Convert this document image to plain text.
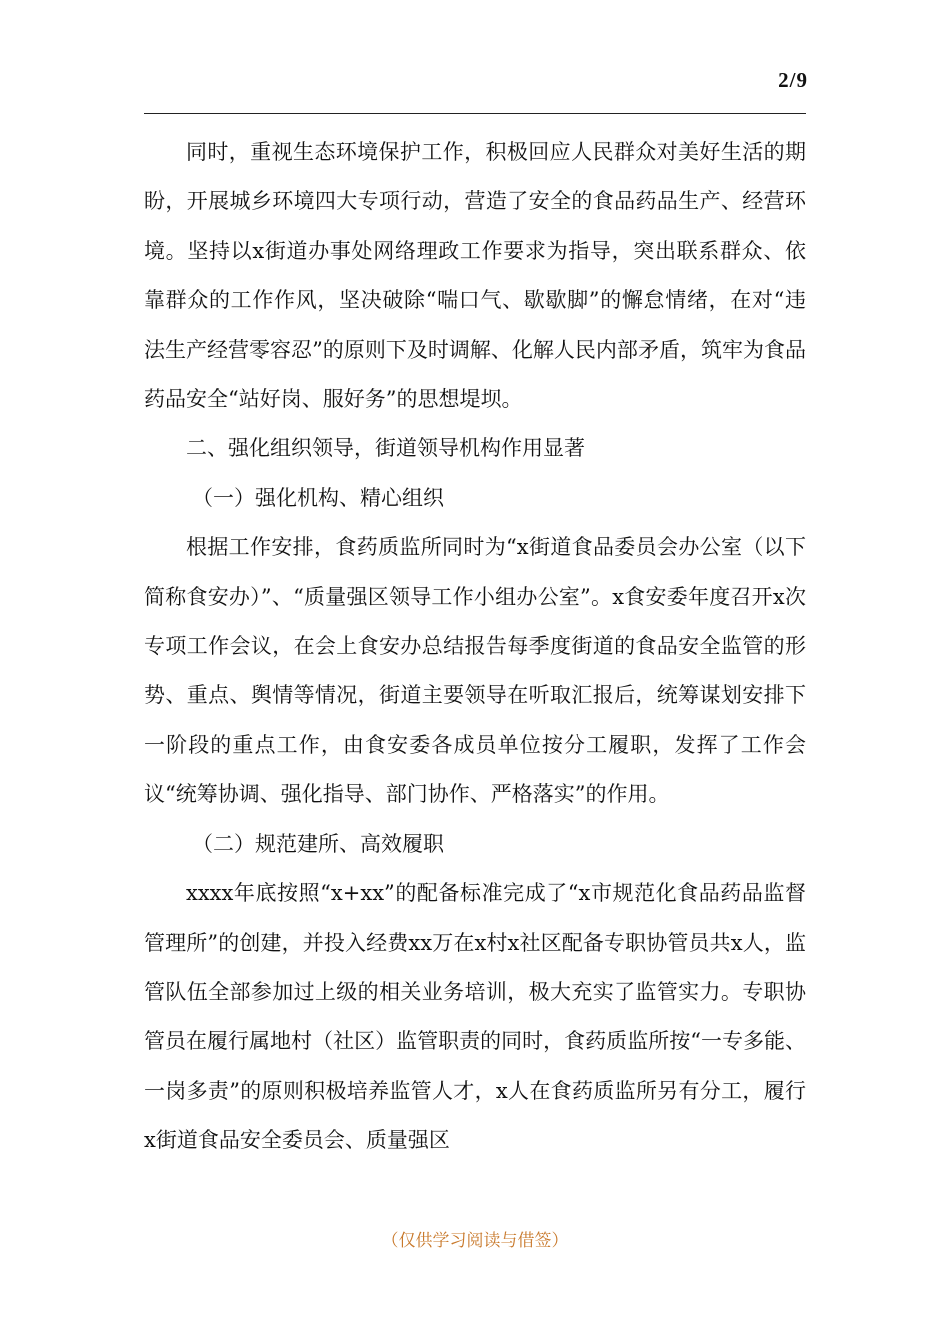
2/9

同时，重视生态环境保护工作，积极回应人民群众对美好生活的期盼，开展城乡环境四大专项行动，营造了安全的食品药品生产、经营环境。坚持以x街道办事处网络理政工作要求为指导，突出联系群众、依靠群众的工作作风，坚决破除“喘口气、歇歇脚”的懈怠情绪，在对“违法生产经营零容忍”的原则下及时调解、化解人民内部矛盾，筑牢为食品药品安全“站好岗、服好务”的思想堤坝。

二、强化组织领导，街道领导机构作用显著

（一）强化机构、精心组织

根据工作安排，食药质监所同时为“x街道食品委员会办公室（以下简称食安办）”、“质量强区领导工作小组办公室”。x食安委年度召开x次专项工作会议，在会上食安办总结报告每季度街道的食品安全监管的形势、重点、舆情等情况，街道主要领导在听取汇报后，统筹谋划安排下一阶段的重点工作，由食安委各成员单位按分工履职，发挥了工作会议“统筹协调、强化指导、部门协作、严格落实”的作用。

（二）规范建所、高效履职

xxxx年底按照“x+xx”的配备标准完成了“x市规范化食品药品监督管理所”的创建，并投入经费xx万在x村x社区配备专职协管员共x人，监管队伍全部参加过上级的相关业务培训，极大充实了监管实力。专职协管员在履行属地村（社区）监管职责的同时，食药质监所按“一专多能、一岗多责”的原则积极培养监管人才，x人在食药质监所另有分工，履行x街道食品安全委员会、质量强区

（仅供学习阅读与借签）
